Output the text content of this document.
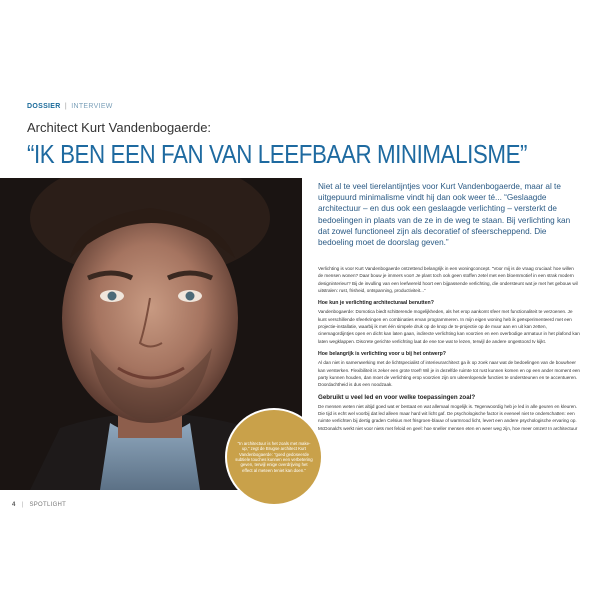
DOSSIER | INTERVIEW
Architect Kurt Vandenbogaerde:
“IK BEN EEN FAN VAN LEEFBAAR MINIMALISME”

“In architectuur is het zoals met make-up,” zegt de Brugse architect Kurt Vandenbogaerde: “goed gedoseerde subtiele touches kunnen een verbetering geven, terwijl enige overdrijving het effect al meteen teniet kan doen.”

Niet al te veel tierelantijntjes voor Kurt Vandenbogaerde, maar al te uitgepuurd minimalisme vindt hij dan ook weer té... “Geslaagde architectuur – en dus ook een geslaagde verlichting – versterkt de bedoelingen in plaats van de ze in de weg te staan. Bij verlichting kan dat zowel functioneel zijn als decoratief of sfeerscheppend. Die bedoeling moet de doorslag geven.”

Verlichting is voor Kurt Vandenbogaerde ontzettend belangrijk in een woningconcept. “Voor mij is de vraag cruciaal: hoe willen de mensen wonen? Daar bouw je immers voor! Je plant toch ook geen stoffen zetel met een bloemmotief in een strak modern designinterieur? Bij de invulling van een leefwereld hoort een bijpassende verlichting, die ondersteunt wat je met het gebouw wil uitstralen: rust, frisheid, ontspanning, productiviteit...”

Hoe kun je verlichting architecturaal benutten?

Vandenbogaerde: Domotica biedt schitterende mogelijkheden, als het erop aankomt sfeer met functionaliteit te verzoenen. Je kunt verschillende sfeerkringen en combinaties ervan programmeren. In mijn eigen woning heb ik geëxperimenteerd met een projectie-installatie, waarbij ik met één simpele druk op de knop de tv-projectie op de muur aan en uit kan zetten, cinemagordijntjes open en dicht kan laten gaan, indirecte verlichting kan voorzien en een overbodige armatuur in het plafond kan laten wegklappen. Discrete gerichte verlichting laat de ene toe wat te lezen, terwijl de andere ongestoord tv kijkt.

Hoe belangrijk is verlichting voor u bij het ontwerp?

Al dan niet in samenwerking met de lichtspecialist of interieurarchitect ga ik op zoek naar wat de bedoelingen van de bouwheer kan versterken. Flexibiliteit is zeker een grote troef! Wil je in dezelfde ruimte tot rust kunnen komen en op een ander moment een party kunnen houden, dan moet de verlichting erop voorzien zijn om uiteenlopende functies te ondersteunen en te accentueren. Doordachtheid is dus een noodzaak.

Gebruikt u veel led en voor welke toepassingen zoal?

De mensen weten niet altijd goed wat er bestaat en wat allemaal mogelijk is. Tegenwoordig heb je led in alle geuren en kleuren. Die tijd is echt wel voorbij dat led alleen maar hard wit licht gaf. De psychologische factor is eveneel niet te onderschatten: een ruimte verlichten bij dertig graden Celsius met frisgroen-blauw of warmrood licht, levert een andere psychologische ervaring op. McDonald's werkt niet voor niets met feloid en geel: hoe sneller mensen eten en weer weg zijn, hoe meer omzet! In architectuur

4 | SPOTLIGHT
